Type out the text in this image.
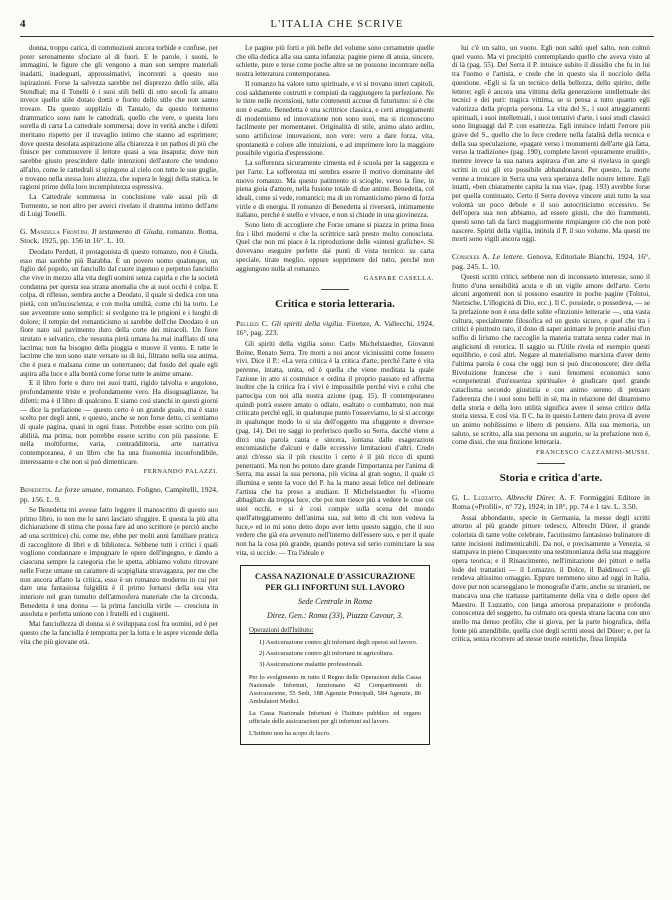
4	L'ITALIA CHE SCRIVE

donna, troppo carica, di commozioni ancora torbide e confuse, per poter serenamente sfociare al di fuori. E le parole, i suoni, le immagini, le figure che gli vengono a man son sempre materiali inadatti, inadeguati, approssimativi, incorrenti a questo suo ispirazioni. Forse la salvezza sarebbe nel disprezzo dello stile, alla Stendhal; ma il Tonelli è i suoi stili belli di otto secoli fa amano invece quello stile dotato dottii e fiorito dello stile che non sanno trovare. Da questo supplizio di Tantalo, da questo tormento drammatico sono nate le cattedrali, quello che vere, e questa loro sorella di carta La cattedrale sommersa; dove in verità anche i difetti meritano rispetto per il travaglio intimo che stanno ad esprimere; dove questa desolata aspirazione alla chiarezza è un pathos di più che finisce per commuovere il lettore quasi a sua insaputa; dove non sarebbe giusto prescindere dalle intenzioni dell'autore che tendono all'alto, come le cattedrali si spingono al cielo con tutte le sue guglie, e trovano nella stessa loro altezza, che supera le leggi della statica, le ragioni prime della loro incompiutezza espressiva.

La Cattedrale sommersa in conclusione vale assai più di Tormento, se non altro per averci rivelato il dramma intimo dell'arte di Luigi Tonelli.

G. Manzella Frontini. Il testamento di Giuda, romanzo. Roma, Stock, 1925, pp. 156 in 16°. L. 10.

Deodato Perduti, il protagonista di questo romanzo, non è Giuda, esso mai sarebbe più Barabba. È un povero uomo qualunque, un figlio del popolo, un fanciullo dal cuore ingenuo e perpetuo fanciullo che vive in mezzo alla vita degli uomini senza capirla e che la società condanna per questa sua strana anomalia che ai suoi occhi è colpa. E colpa, di riflesso, sembra anche a Deodato, il quale si dedica con una pietà, con un'incoscienza, e con molta umiltà, come chi ha torto. Le sue avventure sono semplici: si svolgono tra le prigioni e i luoghi di dolore; il tempio del romanticismo si sarebbe dell'che Deodato è un fiore nato sul pavimento duro della corte dei miracoli. Un fiore strutato e selvatico, che nessuna pietà umana ha mai inaffiato di una lacrima; non ha bisogno della pioggia e muove il vento. E tutte le lacrime che non sono state versate su di lui, filtrano nella sua anima, che è pura e malsana come un sotterraneo; dal fondo del quale egli aspira alla luce e alla bontà come forse tutte le anime umane.

E il libro forte e duro nei suoi tratti, rigido talvolta e angoloso, profondamente triste e profondamente vero. Ha disuguaglianze, ha difetti; ma è il libro di qualcuno. E siamo così stanchi in questi giorni — dice la prefazione — questo certo è un grande guaio, ma è stato scelto per degli anni, e questo, anche se non forse detto, ci sentiamo di quale pagina, quasi in ogni frase. Potrebbe esser scritto con più abilità, ma prima, non potrebbe essere scritto con più passione. E nella moltiforme, varia, contraddittoria, arte narrativa contemporanea, è un libro che ha una fisonomia inconfondibile, interessante e che non si può dimenticare.

FERNANDO PALAZZI.

Benedetta. Le forze umane, romanzo. Foligno, Campitelli, 1924, pp. 156. L. 9.

Se Benedetta mi avesse fatto leggere il manoscritto di questo suo primo libro, io non me lo sarei lasciato sfuggire. E questa la più alta dichiarazione di stima che possa fare ad uno scrittore (e perciò anche ad una scrittrice) chi, come me, ebbe per molti anni familiare pratica di raccoglitore di libri e di biblioteca. Sebbene tutti i critici i quali vogliono condannare e impugnare le opere dell'ingegno, e dando a ciascuna sempre la categoria che le spetta, abbiamo voluto ritrovare nelle Forze umane un carattere di scapigliata stravaganza, per me che non ancora affatto la critica, esso è un romanzo moderno in cui per dare una fantasiosa fulgidità è il primo fornarsi della sua vita interiore nel gran tumulto dell'atmosfera materiale che la circonda, Benedetta è una donna — la prima fanciulla virile — cresciuta in assoluta e perfetta unione con i fratelli ed i cuginetti.

Mai fanciullezza di donna si è sviluppata così fra uomini, ed è per questo che la fanciulla è tempratta per la lotta e le aspre vicende della vita che più giovane età.

Le pagine più forti e più belle del volume sono certamente quelle che ella dedica alla sua santa infanzia: pagine piene di ansia, sincere, schiette, pure e terse come poche altre se ne possono incontrare nella nostra letteratura contemporanea.

Il romanzo ha valore tutto spirituale, e vi si trovano interi capitoli, così saldamente costrutti e compiuti da raggiungere la perfezione. Ne le tinte nelle recensioni, tutte contenenti accuse di futurismo: si è che non è esatto. Benedetta è una scrittrice classica, e certi atteggiamenti di modernismo ed innovazione non sono suoi, ma si riconoscono facilmente per momentanei. Originalità di stile, animo alato ardito, sono artificiose innovazioni, non vere: vero a dare forza, vita, spontaneità e colore alle intuizioni, e ad imprimere loro la maggiore possibile vigoria d'espressione.

La sofferenza sicuramente cimenta ed è scuola per la saggezza e per l'arte. La sofferenza mi sembra essere il motivo dominante del nuovo romanzo. Ma questo patimento si scioglie, verso la fine, in piena gioia d'amore, nella fusione totale di due anime. Benedetta, col ideali, come si vede, romantici; ma di un romanticismo pieno di forza virile e di energia. Il romanzo di Benedetta si riverserà, intimamente italiano, perché è snello e vivace, e non si chiude in una giovinezza.

Sono lieto di accogliere che Forze umane si piazza in prima linea fra i libri moderni e che la scrittrice sarà presto molto conosciuta. Quel che non mi piace è la riproduzione delle «sintesi grafiche». Si dovevano eseguire perfette dai punti di vista tecnico: su carta speciale, tirate meglio, oppure sopprimere del tutto, perché non aggiungono nulla al romanzo.

GASPARE CASELLA.

Critica e storia letteraria.

Pellizzi C. Gli spiriti della vigilia. Firenze, A. Vallecchi, 1924, 16°, pag. 223.

Gli spiriti della vigilia sono: Carlo Michelstaedter, Giovanni Boine, Renato Serra. Tre morti a noi ancor vicinissimi come fossero vivi. Dice il P.: «La vera critica è la critica d'arte, perché l'arte è vita perenne, intatta, unita, ed è quella che viene meditata la quale l'azione in atto si costruisce e ordina il proprio passato ed afferma inoltre che la critica fra i vivi è impossibile perché vivi e colui che partecipa con noi alla nostra azione (pag. 15). Il contemporaneo quindi potrà essere amato o odiato, esaltato o combattuto, non mai criticato perché egli, in qualunque punto l'osserviamo, lo si si accorge in qualunque modo lo si sia dell'oggetto ma sfuggente e diverso» (pag. 14). Dei tre saggi io preferisco quello su Serra, dacché viene a dirci una parola cauta e sincera, lontana dalle esagerazioni encomiastiche d'alcuni e dalle eccessive limitazioni d'altri. Credo anzi ch'esso sia il più riuscito i certo è il più ricco di spunti penetranti. Ma non ho potuto dare grande l'importanza per l'anima di Serra, ma assai la sua persona, più vicina al gran sogno, il quale ci illumina e sente la voce del P. ha la mano assai felice nel delineare l'artista che ha preso a studiare. Il Michelstaedter fu «l'uomo abbagliato da troppa luce, che poi non riesce più a vedere le cose coi suoi occhi, e si è così compie sulla scena del mondo quell'atteggiamento dell'anima sua, sul letto di chi non vedeva la luce,» ed io mi sono detto dopo aver letto questo saggio, che il suo vedere che già era avvenuto nell'interno dell'essere suo, e per il quale non ha la cosa più grande, quando poteva sul serio cominciare la sua vita, si uccide. — Tra l'ideale e

CASSA NAZIONALE D'ASSICURAZIONE PER GLI INFORTUNI SUL LAVORO
Sede Centrale in Roma
Direz. Gen.: Roma (33), Piazza Cavour, 3.
Operazioni dell'Istituto:
1) Assicurazione contro gli infortuni degli operai sul lavoro.
2) Assicurazione contro gli infortuni in agricoltura.
3) Assicurazione malattie professionali.
Per lo svolgimento in tutto il Regno delle Operazioni della Cassa Nazionale Infortuni, funzionano 42 Compartimenti di Assicurazione, 55 Sedi, 188 Agenzie Principali, 584 Agenzie, 86 Ambulatori Medici.
La Cassa Nazionale Infortuni è l'Istituto pubblico ed organo ufficiale delle assicurazioni per gli infortuni sul lavoro.
L'Istituto non ha scopo di lucro.

lui c'è un salto, un vuoto. Egli non saltò quel salto, non colmò quel vuoto. Ma vi precipitò contemplando quello che aveva visto al di là (pag. 55). Del Serra il P. intuisce subito il dissidio che fu in lui tra l'uomo e l'artista, e crede che in questo sia il nocciolo della questione. «Egli si fa un tecnico della bellezza, dello spirito, delle lettere; egli è ancora una vittima della generazione intellettuale dei tecnici e dei puri: tragica vittima, se si pensa a tutto quanto egli valorizza della propria persona. La vita del S., i suoi atteggiamenti spirituali, i suoi intellettuali, i suoi tentativi d'arte, i suoi studi classici sono linguaggi dal P. con esattezza. Egli intuisce infatti l'errore più grave del S., quello che lo fece credere nella fatalità della tecnica e della sua speculazione, «pagare verso i monumenti dell'arte già fatta, verso la tradizione» (pag. 190), complete lavori «puramente eruditi», mentre invece la sua natura aspirava d'un arte si rivelava in quegli scritti in cui gli era possibile abbandonarsi. Per questo, la morte venne a troncare in Serra una vera speranza delle nostre lettere. Egli intatti, «ben chiaramente capita la sua via», (pag. 193) avrebbe forse per quella continuato. Certo il Serra doveva vincere anzi tutto la sua volontà un poco debole e il suo autocriticismo eccessivo. Se dell'opera sua non abbiamo, ad essere giusti, che dei frammenti, questi sono tali da farci maggiormente rimpiangere ciò che non potè nascere. Spiriti della vigilia, intitola il P. il suo volume. Ma questi tre morti sono vigili ancora oggi.

Consoles A. Le lettere. Genova, Editoriale Bianchi, 1924, 16°, pag. 245. L. 10.

Questi scritti critici, sebbene non di inconsueto interesse, sono il frutto d'una sensibilità acuta e di un vigile amore dell'arte. Certo alcuni argomenti non si possono esaurire in poche pagine (Tolstoi, Nietzsche, L'illogicità di Dio, ecc.). Il C. possiede, o possedeva, — se la prefazione non è una delle solite «finzioni» letterarie —, una vasta cultura, specialmente filosofica ed un gusto sicuro, e quel che tra i critici è piuttosto raro, il dono di saper animare le proprie analisi d'un soffio di lirismo che raccoglie la materia trattata senza cader mai in anglicismi di retorica. Il saggio su l'Utile rivela ed esempio questi equilibrio, e così altri. Negare al materialismo marxista d'aver detto l'ultima parola è cosa che oggi non si può disconoscere; dire della Rivoluzione francese che i suoi fenomeni economici sono «conpenetrati d'un'essenza spirituale» è giudicare quel grande cataclisma secondo giustizia e con animo sereno di pensare l'aderenza che i suoi sono belli in sè, ma in relazione del dinamismo della storia e della loro utilità significa avere il senso critico della storia stessa. E così via. Il C. ha in questo Lettere dato prova di avere un animo nobilissimo e libero di pensiero. Alla sua memoria, un saluto, se scritto, alla sua persona un augurio, se la prefazione non è, come dissi, che una finzione letteraria.

FRANCESCO CAZZAMINI-MUSSI.

Storia e critica d'arte.

G. L. Luzzatto. Albrecht Dürer. A. F. Formiggini Editore in Roma («Profili», n° 72), 1924; in 18°, pp. 74 e 1 tav. L. 3.50.

Assai abbondante, specie in Germania, la messe degli scritti attorno al più grande pittore tedesco, Albrecht Dürer, il grande colorista di tante volte celebrate, l'acutissimo fantasioso bulinatore di tante incisioni indimenticabili. Da noi, e precisamente a Venezia, si stampava in pieno Cinquecento una testimonianza della sua maggiore opera teorica; e il Rinascimento, nell'imitazione dei pittori e nella lode dei trattatisti — il Lomazzo, il Dolce, il Baldinucci — gli rendeva altissimo omaggio. Eppure nemmeno sino ad oggi in Italia, dove pur non scarseggiano le monografie d'arte, anche su stranieri, ne mancava una che trattasse partitamente della vita e delle opere del Maestro. Il Luzzatto, con lunga amorosa preparazione e profonda conoscenza del soggetto, ha colmato ora questa strana lacuna con uno snello ma denso profilo, che si giova, per la parte biografica, della fonte più attendibile, quella cioè degli scritti stessi del Dürer; e, per la critica, senza ricorrere ad stesse teorie estetiche, fissa limpida
